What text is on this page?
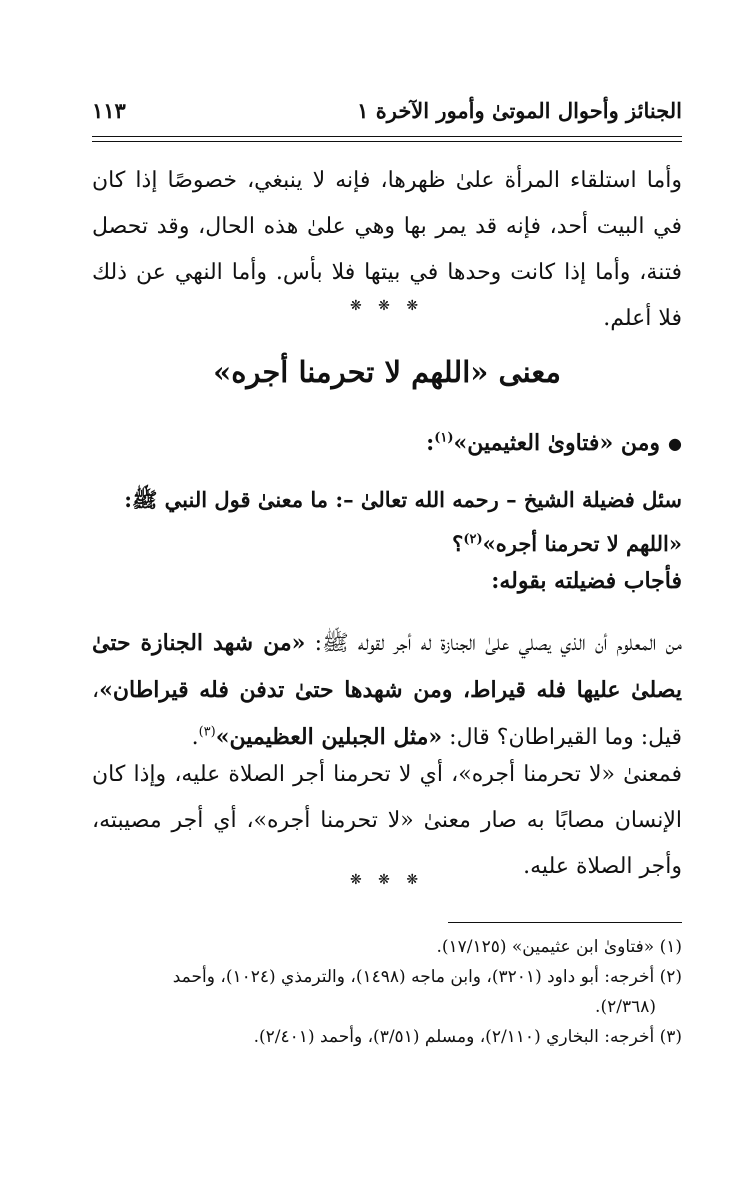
الجنائز وأحوال الموتىٰ وأمور الآخرة ١
١١٣

وأما استلقاء المرأة علىٰ ظهرها، فإنه لا ينبغي، خصوصًا إذا كان في البيت أحد، فإنه قد يمر بها وهي علىٰ هذه الحال، وقد تحصل فتنة، وأما إذا كانت وحدها في بيتها فلا بأس. وأما النهي عن ذلك فلا أعلم.

❋ ❋ ❋
معنى «اللهم لا تحرمنا أجره»
●
ومن «فتاوىٰ العثيمين»$^{(١)}$:
سئل فضيلة الشيخ – رحمه الله تعالىٰ –: ما معنىٰ قول النبي ﷺ: «اللهم لا تحرمنا أجره»$^{(٢)}$؟
فأجاب فضيلته بقوله:

من المعلوم أن الذي يصلي علىٰ الجنازة له أجر لقوله ﷺ: «من شهد الجنازة حتىٰ يصلىٰ عليها فله قيراط، ومن شهدها حتىٰ تدفن فله قيراطان»، قيل: وما القيراطان؟ قال: «مثل الجبلين العظيمين»$^{(٣)}$.

فمعنىٰ «لا تحرمنا أجره»، أي لا تحرمنا أجر الصلاة عليه، وإذا كان الإنسان مصابًا به صار معنىٰ «لا تحرمنا أجره»، أي أجر مصيبته، وأجر الصلاة عليه.

❋ ❋ ❋
(١) «فتاوىٰ ابن عثيمين» (١٧/١٢٥).
(٢) أخرجه: أبو داود (٣٢٠١)، وابن ماجه (١٤٩٨)، والترمذي (١٠٢٤)، وأحمد
(٢/٣٦٨).
(٣) أخرجه: البخاري (٢/١١٠)، ومسلم (٣/٥١)، وأحمد (٢/٤٠١).
